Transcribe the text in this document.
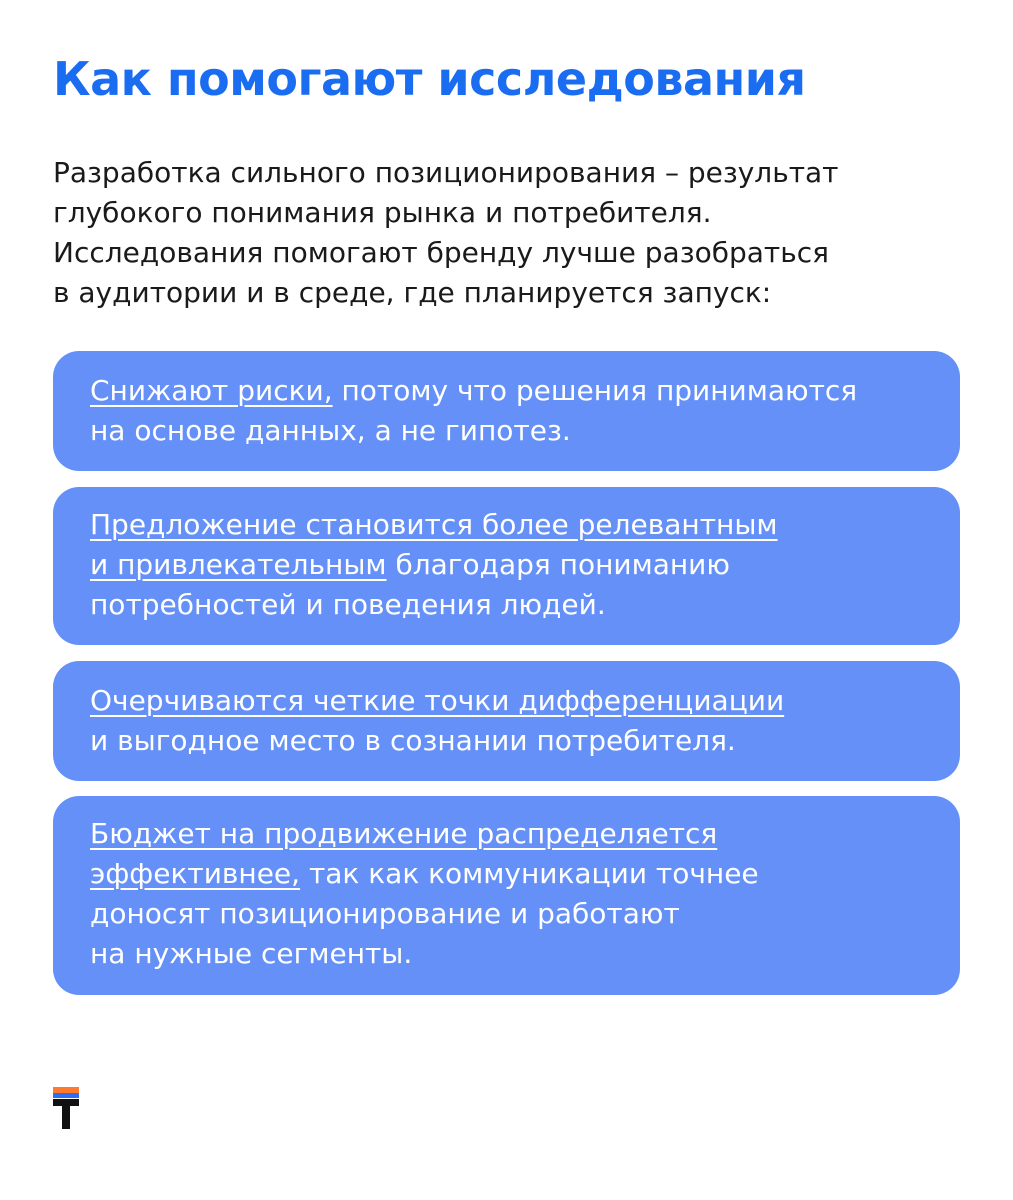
Как помогают исследования

Разработка сильного позиционирования – результат
глубокого понимания рынка и потребителя.
Исследования помогают бренду лучше разобраться
в аудитории и в среде, где планируется запуск:

Снижают риски, потому что решения принимаются
на основе данных, а не гипотез.
Предложение становится более релевантным
и привлекательным благодаря пониманию
потребностей и поведения людей.
Очерчиваются четкие точки дифференциации
и выгодное место в сознании потребителя.
Бюджет на продвижение распределяется
эффективнее, так как коммуникации точнее
доносят позиционирование и работают
на нужные сегменты.
